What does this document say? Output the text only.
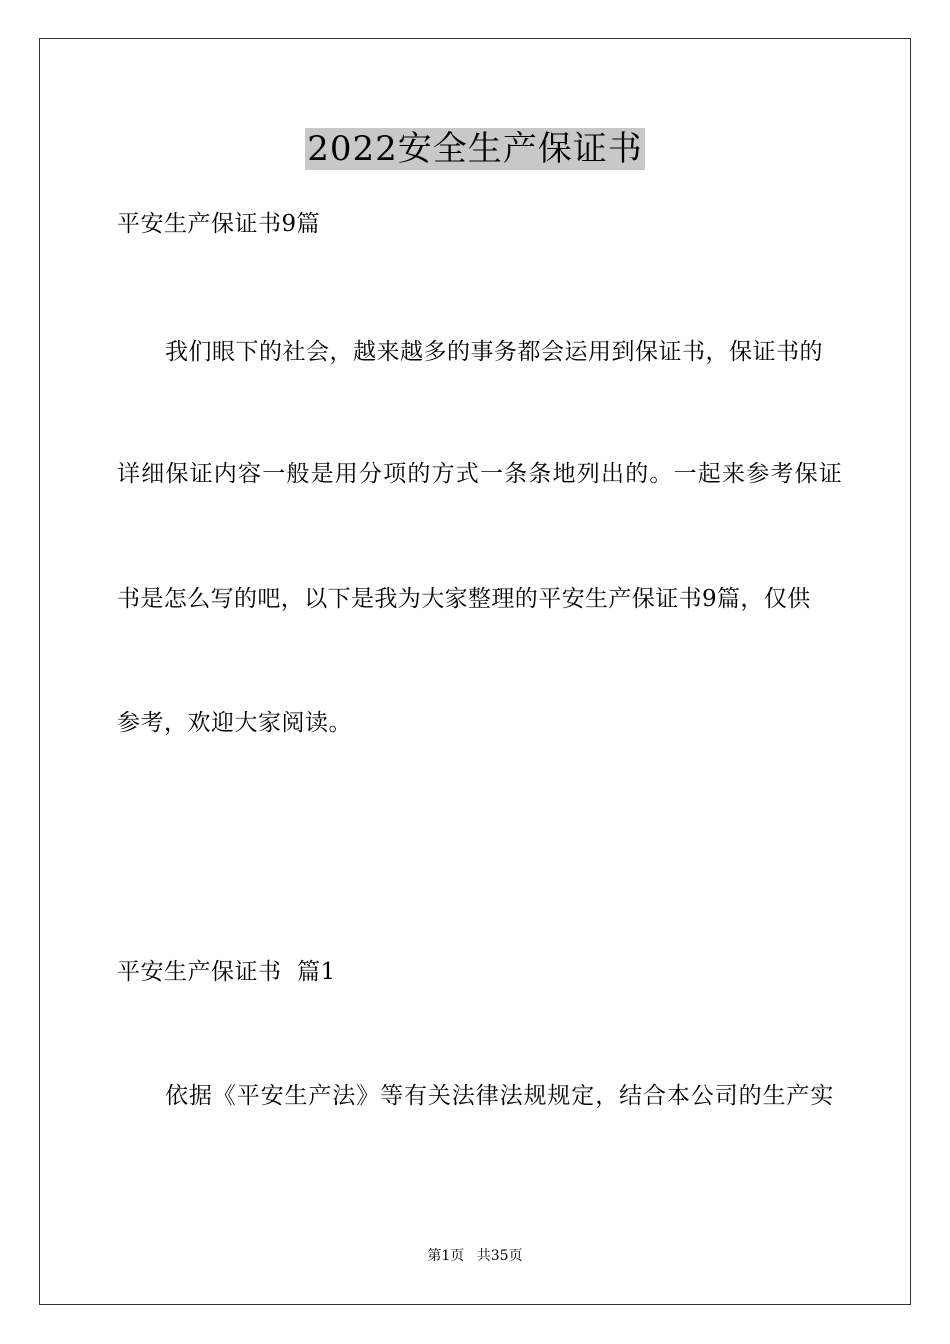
2022安全生产保证书
平安生产保证书9篇
我们眼下的社会，越来越多的事务都会运用到保证书，保证书的
详细保证内容一般是用分项的方式一条条地列出的。一起来参考保证
书是怎么写的吧，以下是我为大家整理的平安生产保证书9篇，仅供
参考，欢迎大家阅读。
平安生产保证书  篇1
依据《平安生产法》等有关法律法规规定，结合本公司的生产实
第1页 共35页
